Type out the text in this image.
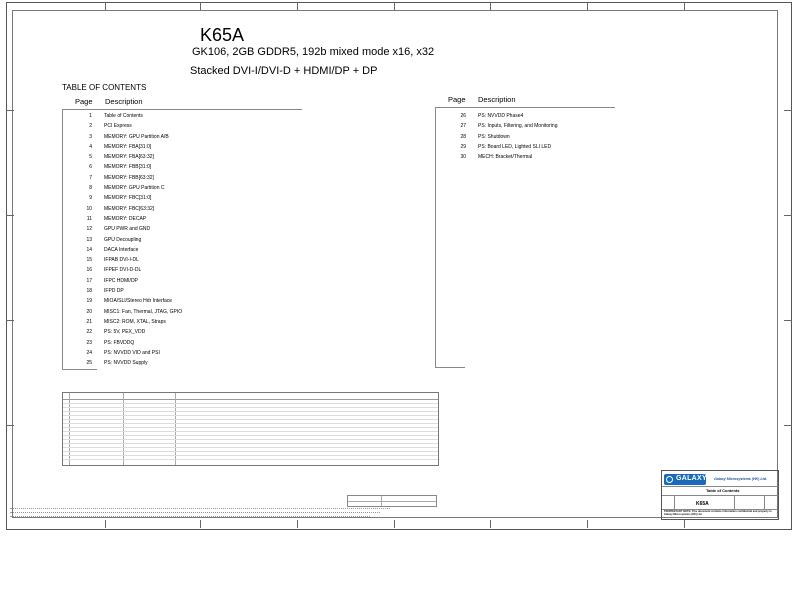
K65A
GK106, 2GB GDDR5, 192b mixed mode x16, x32
Stacked DVI-I/DVI-D + HDMI/DP + DP
TABLE OF CONTENTS
Page Description	Page Description
1 Table of Contents
2 PCI Express
3 MEMORY: GPU Partition A/B
4 MEMORY: FBA[31:0]
5 MEMORY: FBA[63:32]
6 MEMORY: FBB[31:0]
7 MEMORY: FBB[63:32]
8 MEMORY: GPU Partition C
9 MEMORY: FBC[31:0]
10 MEMORY: FBC[63:32]
11 MEMORY: DECAP
12 GPU PWR and GND
13 GPU Decoupling
14 DACA Interface
15 IFPAB DVI-I-DL
16 IFPEF DVI-D-DL
17 IFPC HDMI/DP
18 IFPD DP
19 MIOA/SLI/Stereo Hdr Interface
20 MISC1: Fan, Thermal, JTAG, GPIO
21 MISC2: ROM, XTAL, Straps
22 PS: 5V, PEX_VDD
23 PS: FBVDDQ
24 PS: NVVDD VID and PSI
25 PS: NVVDD Supply
26 PS: NVVDD Phase4
27 PS: Inputs, Filtering, and Monitoring
28 PS: Shutdown
29 PS: Board LED, Lighted SLI LED
30 MECH: Bracket/Thermal
GALAXY Galaxy Microsystems (HK) Ltd.
Table of Contents
K65A
PROPRIETARY NOTE: This document contains information confidential and property to Galaxy Microsystems (HK) Ltd.
